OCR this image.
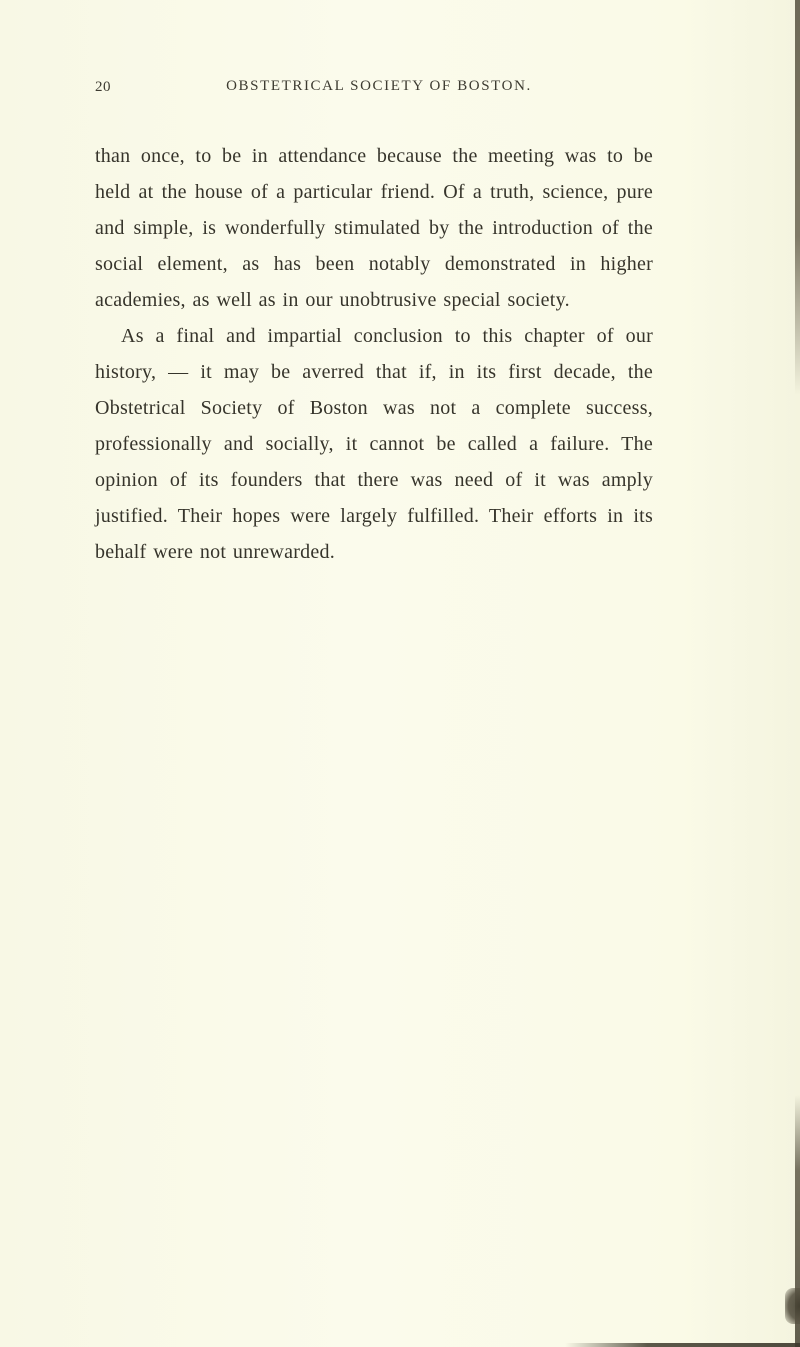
20	OBSTETRICAL SOCIETY OF BOSTON.

than once, to be in attendance because the meeting was to be held at the house of a particular friend. Of a truth, science, pure and simple, is wonderfully stimulated by the introduction of the social element, as has been notably demonstrated in higher academies, as well as in our unobtrusive special society.

As a final and impartial conclusion to this chapter of our history, — it may be averred that if, in its first decade, the Obstetrical Society of Boston was not a complete success, professionally and socially, it cannot be called a failure. The opinion of its founders that there was need of it was amply justified. Their hopes were largely fulfilled. Their efforts in its behalf were not unrewarded.
